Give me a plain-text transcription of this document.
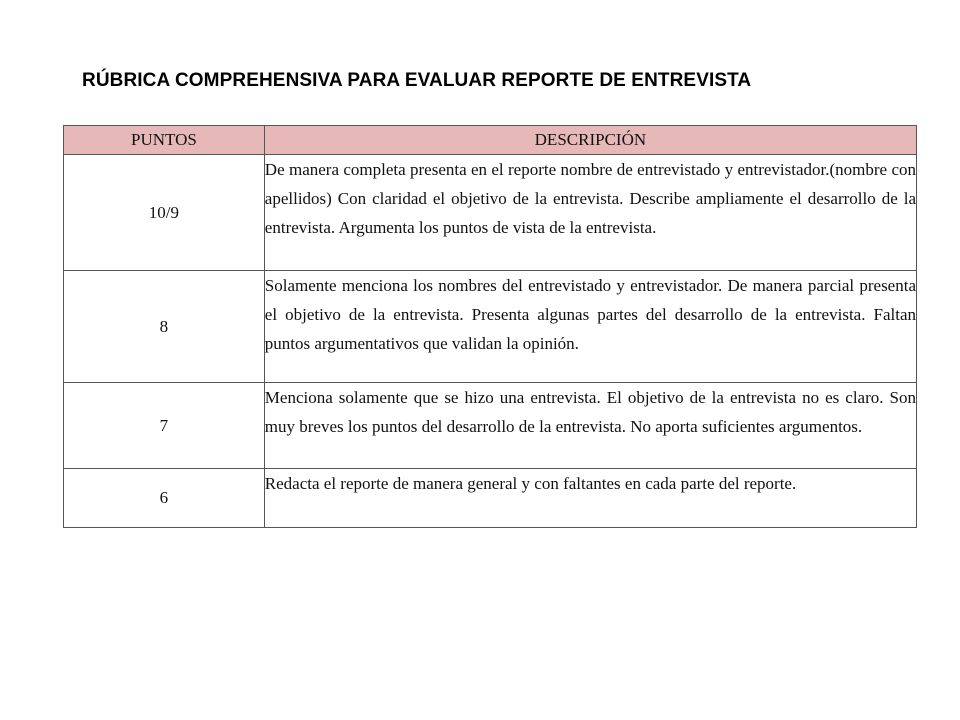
RÚBRICA COMPREHENSIVA PARA EVALUAR REPORTE DE ENTREVISTA
PUNTOS	DESCRIPCIÓN
10/9	De manera completa presenta en el reporte nombre de entrevistado y entrevistador.(nombre con apellidos) Con claridad el objetivo de la entrevista. Describe ampliamente el desarrollo de la entrevista. Argumenta los puntos de vista de la entrevista.
8	Solamente menciona los nombres del entrevistado y entrevistador. De manera parcial presenta el objetivo de la entrevista. Presenta algunas partes del desarrollo de la entrevista. Faltan puntos argumentativos que validan la opinión.
7	Menciona solamente que se hizo una entrevista. El objetivo de la entrevista no es claro. Son muy breves los puntos del desarrollo de la entrevista. No aporta suficientes argumentos.
6	Redacta el reporte de manera general y con faltantes en cada parte del reporte.
